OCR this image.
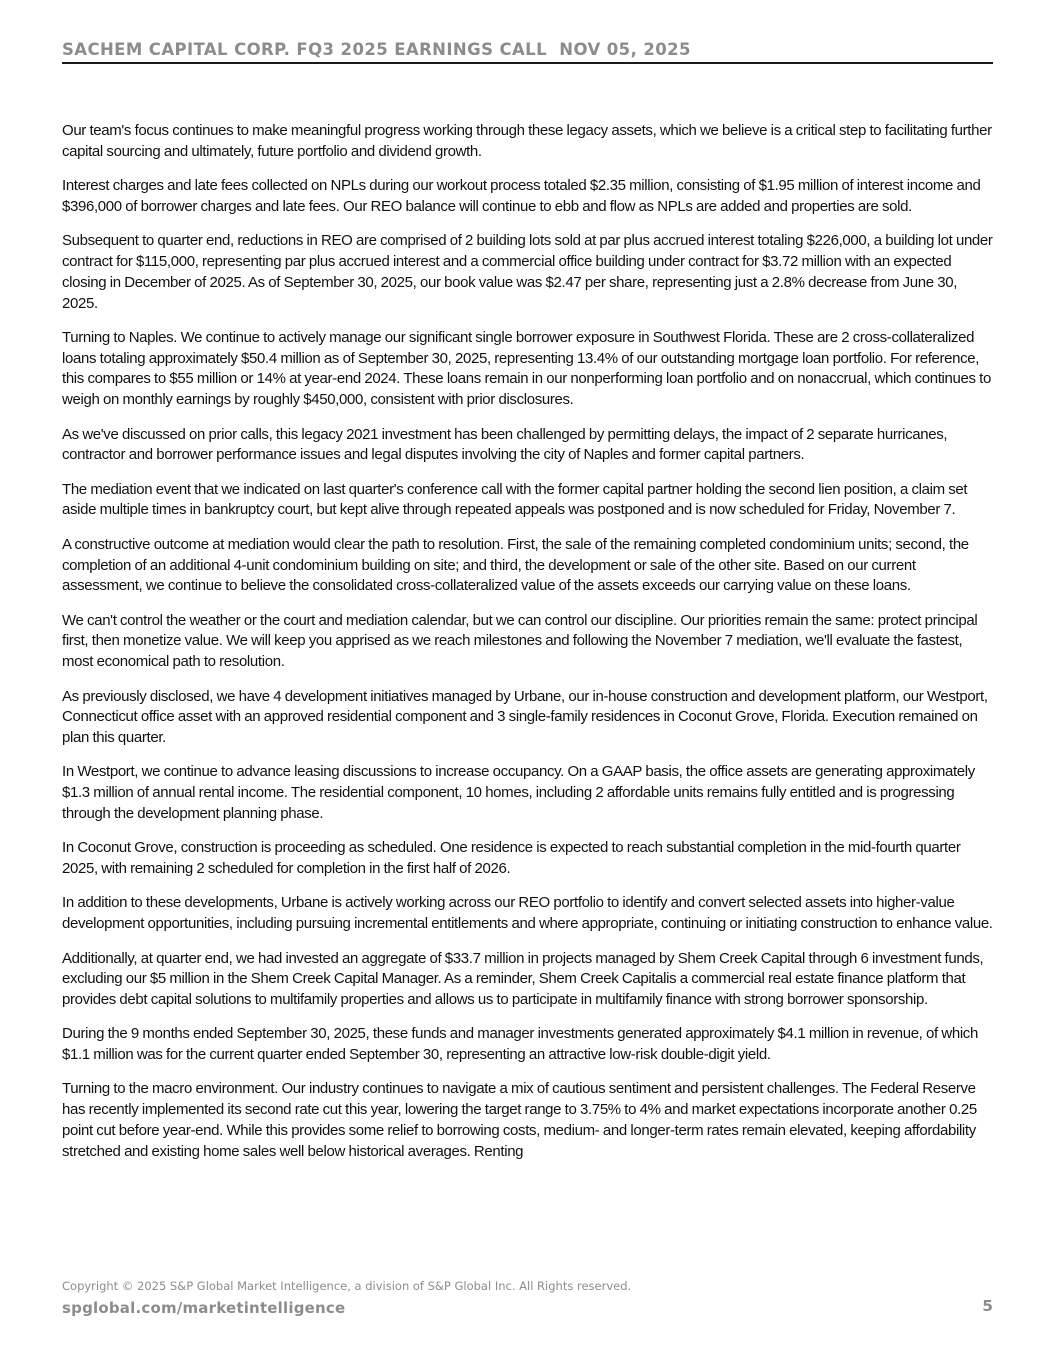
SACHEM CAPITAL CORP. FQ3 2025 EARNINGS CALL  NOV 05, 2025

Our team's focus continues to make meaningful progress working through these legacy assets, which we believe is a critical step to facilitating further capital sourcing and ultimately, future portfolio and dividend growth.

Interest charges and late fees collected on NPLs during our workout process totaled $2.35 million, consisting of $1.95 million of interest income and $396,000 of borrower charges and late fees. Our REO balance will continue to ebb and flow as NPLs are added and properties are sold.

Subsequent to quarter end, reductions in REO are comprised of 2 building lots sold at par plus accrued interest totaling $226,000, a building lot under contract for $115,000, representing par plus accrued interest and a commercial office building under contract for $3.72 million with an expected closing in December of 2025. As of September 30, 2025, our book value was $2.47 per share, representing just a 2.8% decrease from June 30, 2025.

Turning to Naples. We continue to actively manage our significant single borrower exposure in Southwest Florida. These are 2 cross-collateralized loans totaling approximately $50.4 million as of September 30, 2025, representing 13.4% of our outstanding mortgage loan portfolio. For reference, this compares to $55 million or 14% at year-end 2024. These loans remain in our nonperforming loan portfolio and on nonaccrual, which continues to weigh on monthly earnings by roughly $450,000, consistent with prior disclosures.

As we've discussed on prior calls, this legacy 2021 investment has been challenged by permitting delays, the impact of 2 separate hurricanes, contractor and borrower performance issues and legal disputes involving the city of Naples and former capital partners.

The mediation event that we indicated on last quarter's conference call with the former capital partner holding the second lien position, a claim set aside multiple times in bankruptcy court, but kept alive through repeated appeals was postponed and is now scheduled for Friday, November 7.

A constructive outcome at mediation would clear the path to resolution. First, the sale of the remaining completed condominium units; second, the completion of an additional 4-unit condominium building on site; and third, the development or sale of the other site. Based on our current assessment, we continue to believe the consolidated cross-collateralized value of the assets exceeds our carrying value on these loans.

We can't control the weather or the court and mediation calendar, but we can control our discipline. Our priorities remain the same: protect principal first, then monetize value. We will keep you apprised as we reach milestones and following the November 7 mediation, we'll evaluate the fastest, most economical path to resolution.

As previously disclosed, we have 4 development initiatives managed by Urbane, our in-house construction and development platform, our Westport, Connecticut office asset with an approved residential component and 3 single-family residences in Coconut Grove, Florida. Execution remained on plan this quarter.

In Westport, we continue to advance leasing discussions to increase occupancy. On a GAAP basis, the office assets are generating approximately $1.3 million of annual rental income. The residential component, 10 homes, including 2 affordable units remains fully entitled and is progressing through the development planning phase.

In Coconut Grove, construction is proceeding as scheduled. One residence is expected to reach substantial completion in the mid-fourth quarter 2025, with remaining 2 scheduled for completion in the first half of 2026.

In addition to these developments, Urbane is actively working across our REO portfolio to identify and convert selected assets into higher-value development opportunities, including pursuing incremental entitlements and where appropriate, continuing or initiating construction to enhance value.

Additionally, at quarter end, we had invested an aggregate of $33.7 million in projects managed by Shem Creek Capital through 6 investment funds, excluding our $5 million in the Shem Creek Capital Manager. As a reminder, Shem Creek Capitalis a commercial real estate finance platform that provides debt capital solutions to multifamily properties and allows us to participate in multifamily finance with strong borrower sponsorship.

During the 9 months ended September 30, 2025, these funds and manager investments generated approximately $4.1 million in revenue, of which $1.1 million was for the current quarter ended September 30, representing an attractive low-risk double-digit yield.

Turning to the macro environment. Our industry continues to navigate a mix of cautious sentiment and persistent challenges. The Federal Reserve has recently implemented its second rate cut this year, lowering the target range to 3.75% to 4% and market expectations incorporate another 0.25 point cut before year-end. While this provides some relief to borrowing costs, medium- and longer-term rates remain elevated, keeping affordability stretched and existing home sales well below historical averages. Renting

Copyright © 2025 S&P Global Market Intelligence, a division of S&P Global Inc. All Rights reserved.
spglobal.com/marketintelligence	5
